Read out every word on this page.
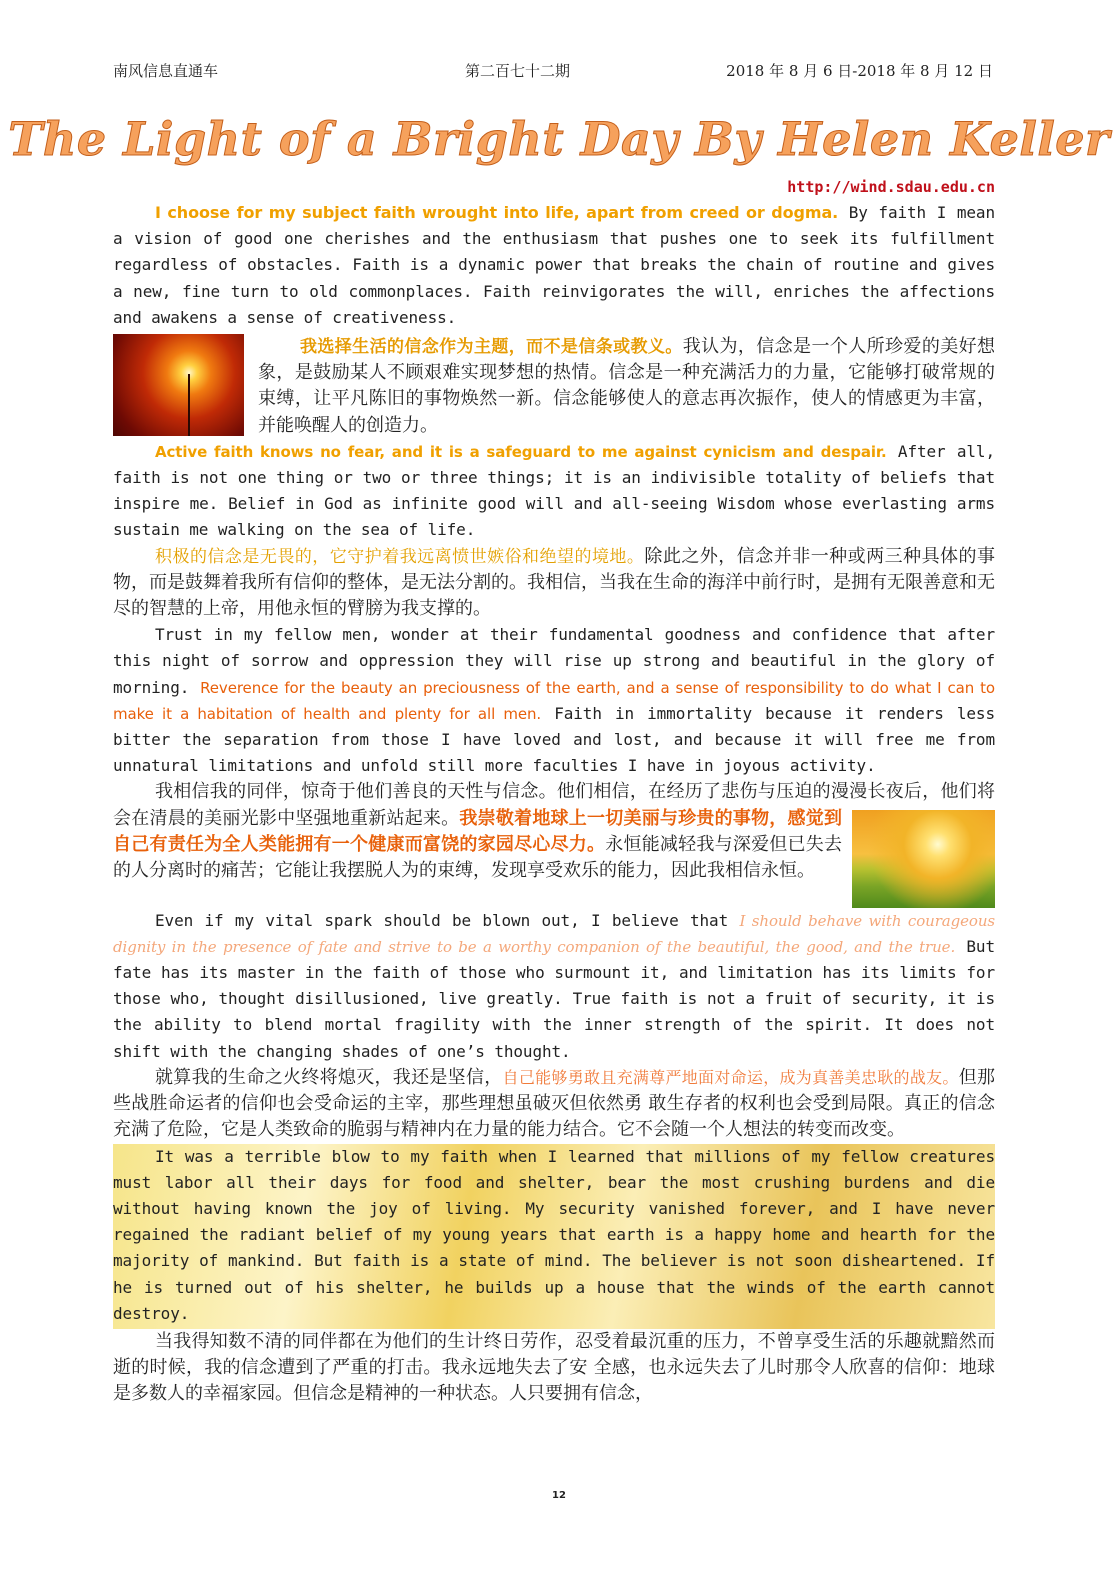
南风信息直通车	第二百七十二期	2018 年 8 月 6 日-2018 年 8 月 12 日
The Light of a Bright Day By Helen Keller
http://wind.sdau.edu.cn

I choose for my subject faith wrought into life, apart from creed or dogma. By faith I mean a vision of good one cherishes and the enthusiasm that pushes one to seek its fulfillment regardless of obstacles. Faith is a dynamic power that breaks the chain of routine and gives a new, fine turn to old commonplaces. Faith reinvigorates the will, enriches the affections and awakens a sense of creativeness.

我选择生活的信念作为主题，而不是信条或教义。我认为，信念是一个人所珍爱的美好想象，是鼓励某人不顾艰难实现梦想的热情。信念是一种充满活力的力量，它能够打破常规的束缚，让平凡陈旧的事物焕然一新。信念能够使人的意志再次振作，使人的情感更为丰富，并能唤醒人的创造力。

Active faith knows no fear, and it is a safeguard to me against cynicism and despair. After all, faith is not one thing or two or three things; it is an indivisible totality of beliefs that inspire me. Belief in God as infinite good will and all-seeing Wisdom whose everlasting arms sustain me walking on the sea of life.

积极的信念是无畏的，它守护着我远离愤世嫉俗和绝望的境地。除此之外，信念并非一种或两三种具体的事物，而是鼓舞着我所有信仰的整体，是无法分割的。我相信，当我在生命的海洋中前行时，是拥有无限善意和无尽的智慧的上帝，用他永恒的臂膀为我支撑的。

Trust in my fellow men, wonder at their fundamental goodness and confidence that after this night of sorrow and oppression they will rise up strong and beautiful in the glory of morning. Reverence for the beauty an preciousness of the earth, and a sense of responsibility to do what I can to make it a habitation of health and plenty for all men. Faith in immortality because it renders less bitter the separation from those I have loved and lost, and because it will free me from unnatural limitations and unfold still more faculties I have in joyous activity.

我相信我的同伴，惊奇于他们善良的天性与信念。他们相信，在经历了悲伤与压迫的漫漫长夜后，他们将会在清晨的美丽光影中坚强地重新站起来。
我崇敬着地球上一切美丽与珍贵的事物，感觉到自己有责任为全人类能拥有一个健康而富饶的家园尽心尽力。永恒能减轻我与深爱但已失去的人分离时的痛苦；它能让我摆脱人为的束缚，发现享受欢乐的能力，因此我相信永恒。

Even if my vital spark should be blown out, I believe that I should behave with courageous dignity in the presence of fate and strive to be a worthy companion of the beautiful, the good, and the true. But fate has its master in the faith of those who surmount it, and limitation has its limits for those who, thought disillusioned, live greatly. True faith is not a fruit of security, it is the ability to blend mortal fragility with the inner strength of the spirit. It does not shift with the changing shades of one’s thought.

就算我的生命之火终将熄灭，我还是坚信，自己能够勇敢且充满尊严地面对命运，成为真善美忠耿的战友。但那些战胜命运者的信仰也会受命运的主宰，那些理想虽破灭但依然勇 敢生存者的权利也会受到局限。真正的信念充满了危险，它是人类致命的脆弱与精神内在力量的能力结合。它不会随一个人想法的转变而改变。

It was a terrible blow to my faith when I learned that millions of my fellow creatures must labor all their days for food and shelter, bear the most crushing burdens and die without having known the joy of living. My security vanished forever, and I have never regained the radiant belief of my young years that earth is a happy home and hearth for the majority of mankind. But faith is a state of mind. The believer is not soon disheartened. If he is turned out of his shelter, he builds up a house that the winds of the earth cannot destroy.

当我得知数不清的同伴都在为他们的生计终日劳作，忍受着最沉重的压力，不曾享受生活的乐趣就黯然而逝的时候，我的信念遭到了严重的打击。我永远地失去了安 全感，也永远失去了儿时那令人欣喜的信仰：地球是多数人的幸福家园。但信念是精神的一种状态。人只要拥有信念，

12
